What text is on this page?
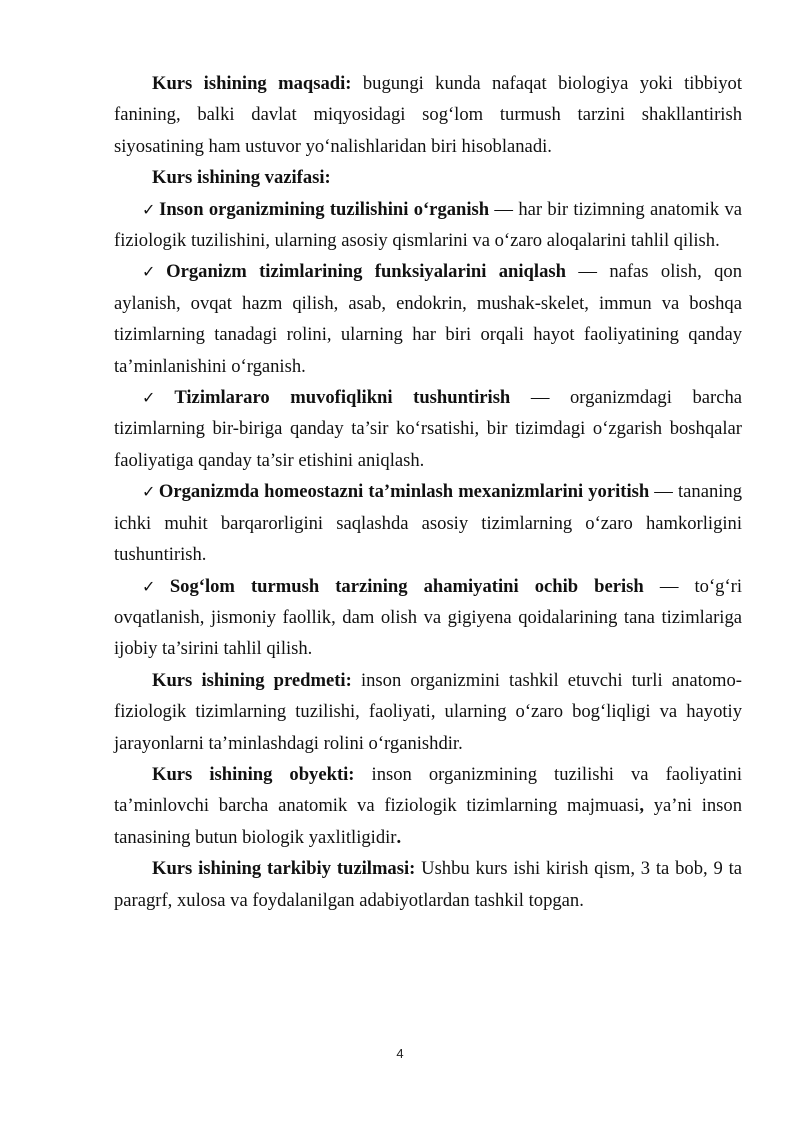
Kurs ishining maqsadi: bugungi kunda nafaqat biologiya yoki tibbiyot fanining, balki davlat miqyosidagi sog‘lom turmush tarzini shakllantirish siyosatining ham ustuvor yo‘nalishlaridan biri hisoblanadi.

Kurs ishining vazifasi:

✓ Inson organizmining tuzilishini o‘rganish — har bir tizimning anatomik va fiziologik tuzilishini, ularning asosiy qismlarini va o‘zaro aloqalarini tahlil qilish.

✓ Organizm tizimlarining funksiyalarini aniqlash — nafas olish, qon aylanish, ovqat hazm qilish, asab, endokrin, mushak-skelet, immun va boshqa tizimlarning tanadagi rolini, ularning har biri orqali hayot faoliyatining qanday ta’minlanishini o‘rganish.

✓ Tizimlararo muvofiqlikni tushuntirish — organizmdagi barcha tizimlarning bir-biriga qanday ta’sir ko‘rsatishi, bir tizimdagi o‘zgarish boshqalar faoliyatiga qanday ta’sir etishini aniqlash.

✓ Organizmda homeostazni ta’minlash mexanizmlarini yoritish — tananing ichki muhit barqarorligini saqlashda asosiy tizimlarning o‘zaro hamkorligini tushuntirish.

✓ Sog‘lom turmush tarzining ahamiyatini ochib berish — to‘g‘ri ovqatlanish, jismoniy faollik, dam olish va gigiyena qoidalarining tana tizimlariga ijobiy ta’sirini tahlil qilish.

Kurs ishining predmeti: inson organizmini tashkil etuvchi turli anatomo-fiziologik tizimlarning tuzilishi, faoliyati, ularning o‘zaro bog‘liqligi va hayotiy jarayonlarni ta’minlashdagi rolini o‘rganishdir.

Kurs ishining obyekti: inson organizmining tuzilishi va faoliyatini ta’minlovchi barcha anatomik va fiziologik tizimlarning majmuasi, ya’ni inson tanasining butun biologik yaxlitligidir.

Kurs ishining tarkibiy tuzilmasi: Ushbu kurs ishi kirish qism, 3 ta bob, 9 ta paragrf, xulosa va foydalanilgan adabiyotlardan tashkil topgan.

4
